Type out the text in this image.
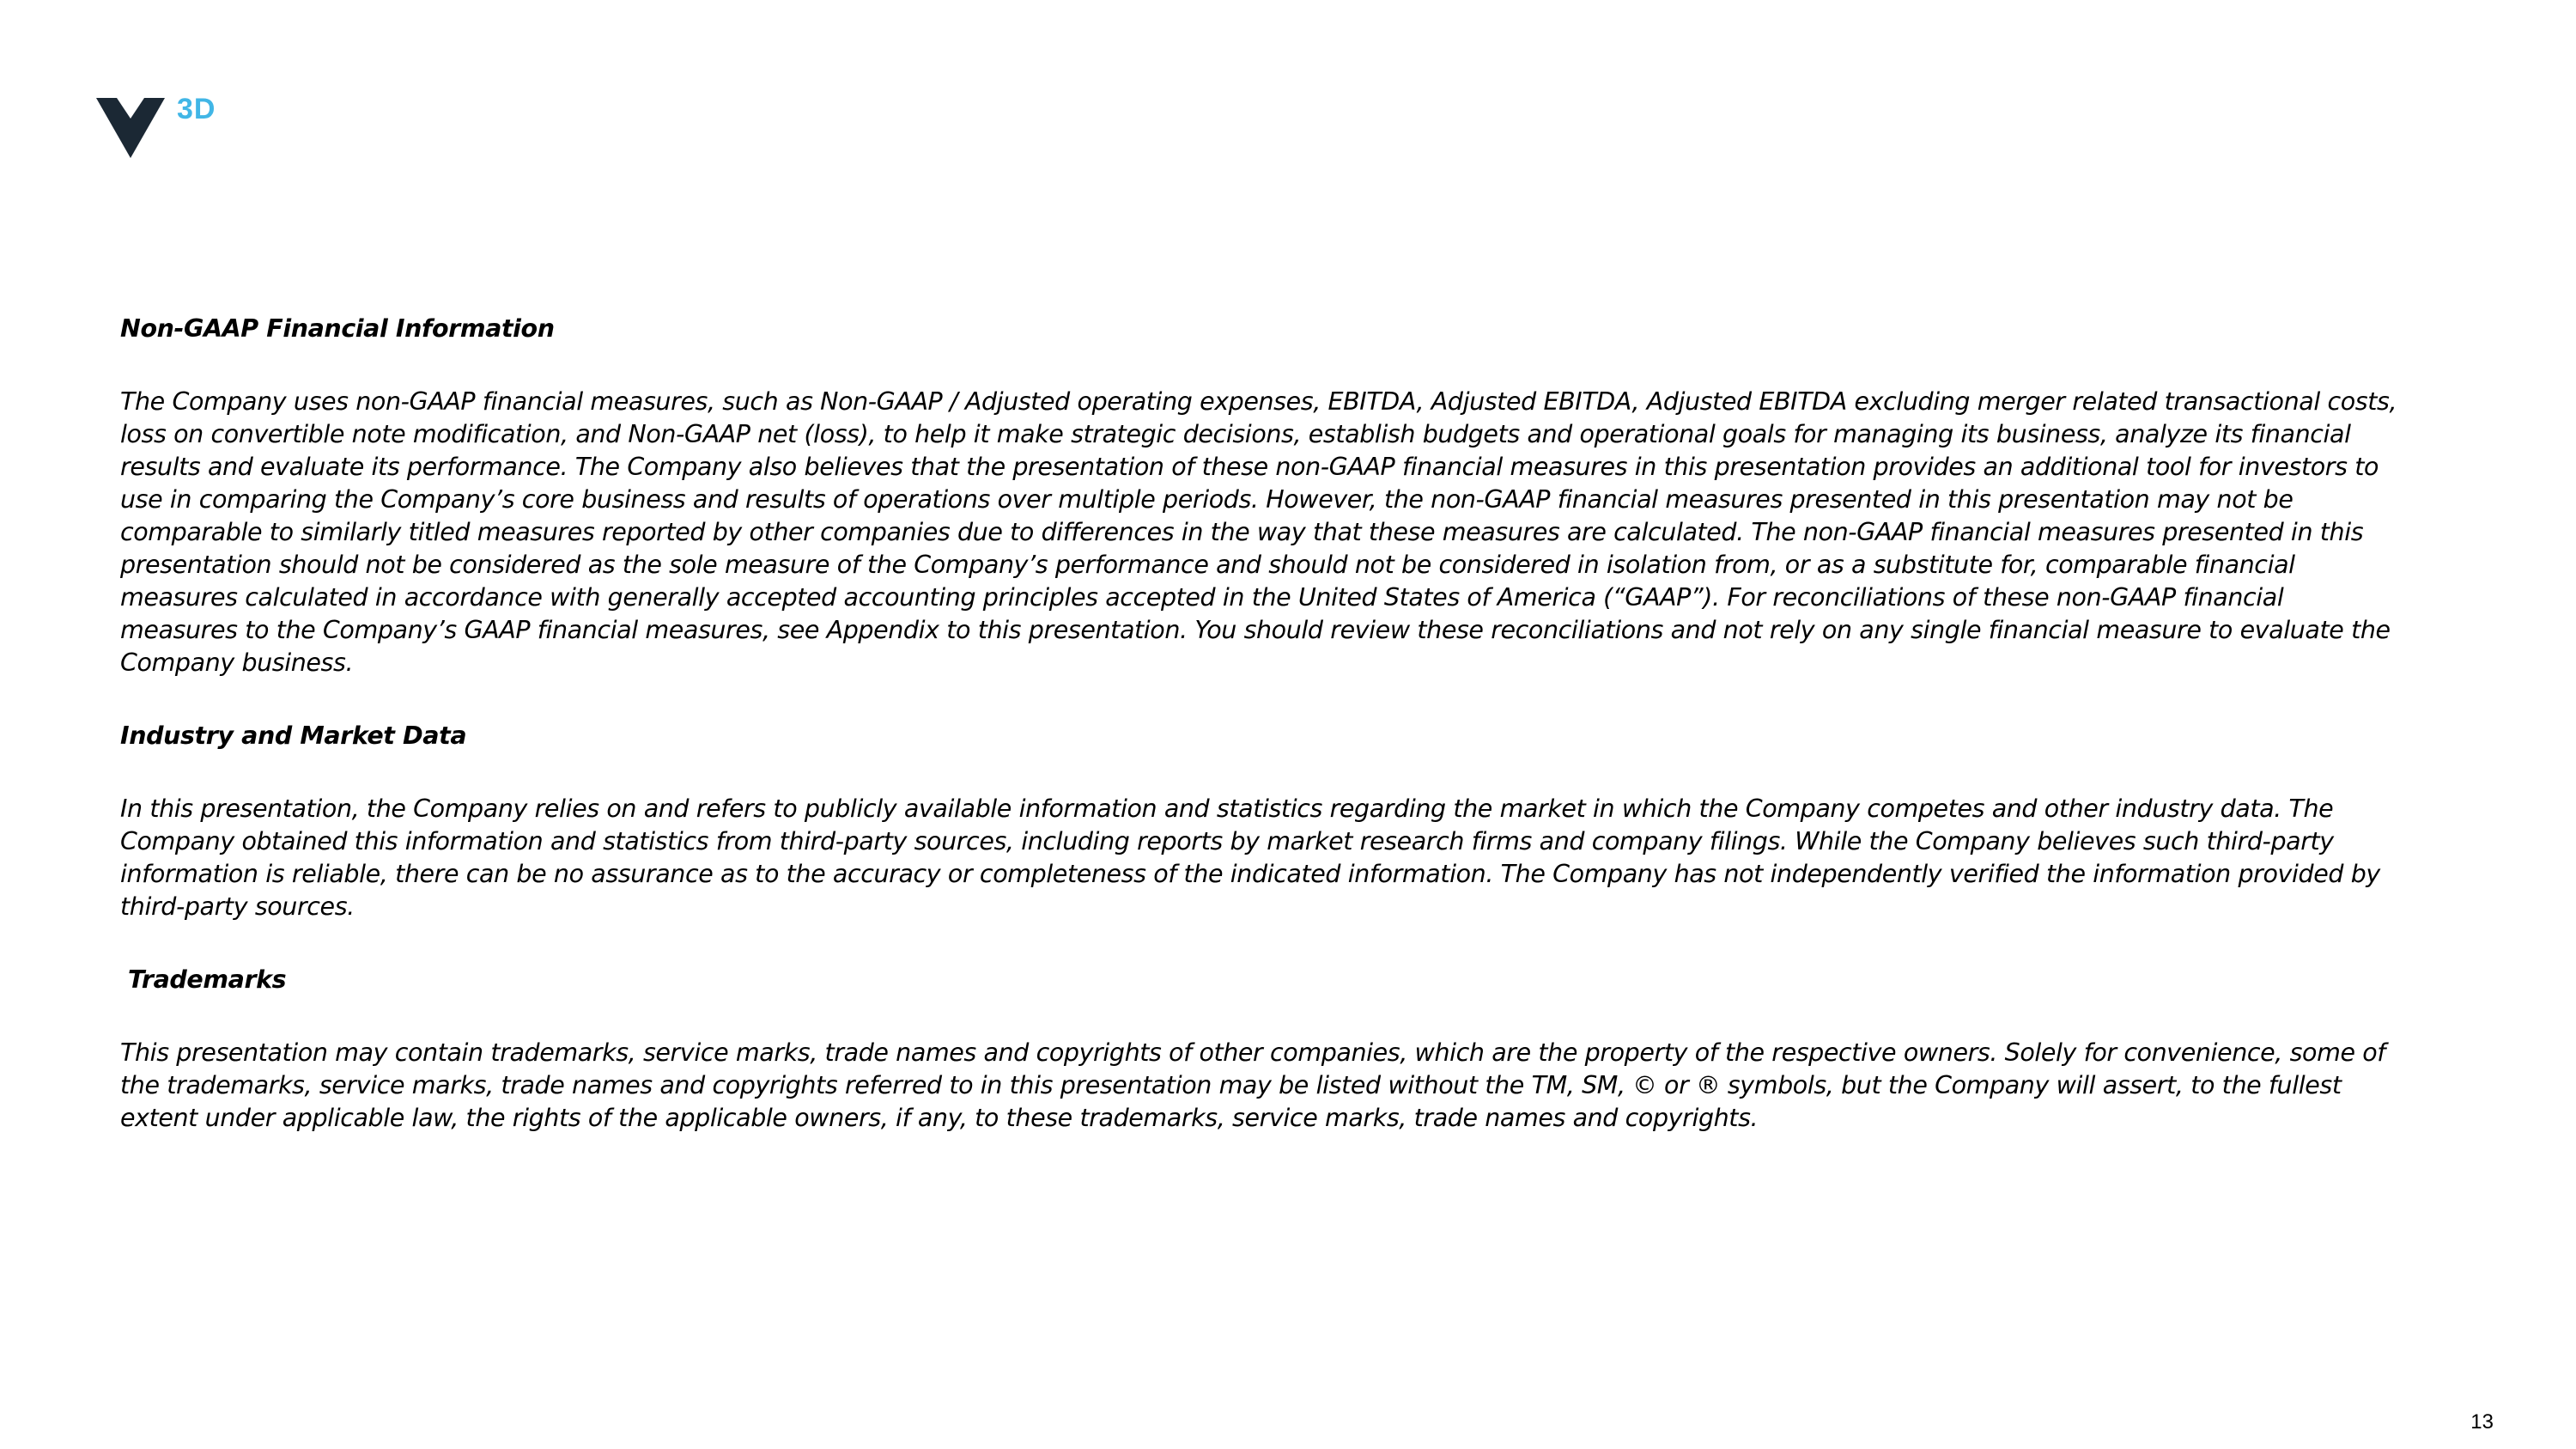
3D
Non-GAAP Financial Information
The Company uses non-GAAP financial measures, such as Non-GAAP / Adjusted operating expenses, EBITDA, Adjusted EBITDA, Adjusted EBITDA excluding merger related transactional costs, loss on convertible note modification, and Non-GAAP net (loss), to help it make strategic decisions, establish budgets and operational goals for managing its business, analyze its financial results and evaluate its performance. The Company also believes that the presentation of these non-GAAP financial measures in this presentation provides an additional tool for investors to use in comparing the Company’s core business and results of operations over multiple periods. However, the non-GAAP financial measures presented in this presentation may not be comparable to similarly titled measures reported by other companies due to differences in the way that these measures are calculated. The non-GAAP financial measures presented in this presentation should not be considered as the sole measure of the Company’s performance and should not be considered in isolation from, or as a substitute for, comparable financial measures calculated in accordance with generally accepted accounting principles accepted in the United States of America (“GAAP”). For reconciliations of these non-GAAP financial measures to the Company’s GAAP financial measures, see Appendix to this presentation. You should review these reconciliations and not rely on any single financial measure to evaluate the Company business.
Industry and Market Data
In this presentation, the Company relies on and refers to publicly available information and statistics regarding the market in which the Company competes and other industry data. The Company obtained this information and statistics from third-party sources, including reports by market research firms and company filings. While the Company believes such third-party information is reliable, there can be no assurance as to the accuracy or completeness of the indicated information. The Company has not independently verified the information provided by third-party sources.
Trademarks
This presentation may contain trademarks, service marks, trade names and copyrights of other companies, which are the property of the respective owners. Solely for convenience, some of the trademarks, service marks, trade names and copyrights referred to in this presentation may be listed without the TM, SM, © or ® symbols, but the Company will assert, to the fullest extent under applicable law, the rights of the applicable owners, if any, to these trademarks, service marks, trade names and copyrights.
13
